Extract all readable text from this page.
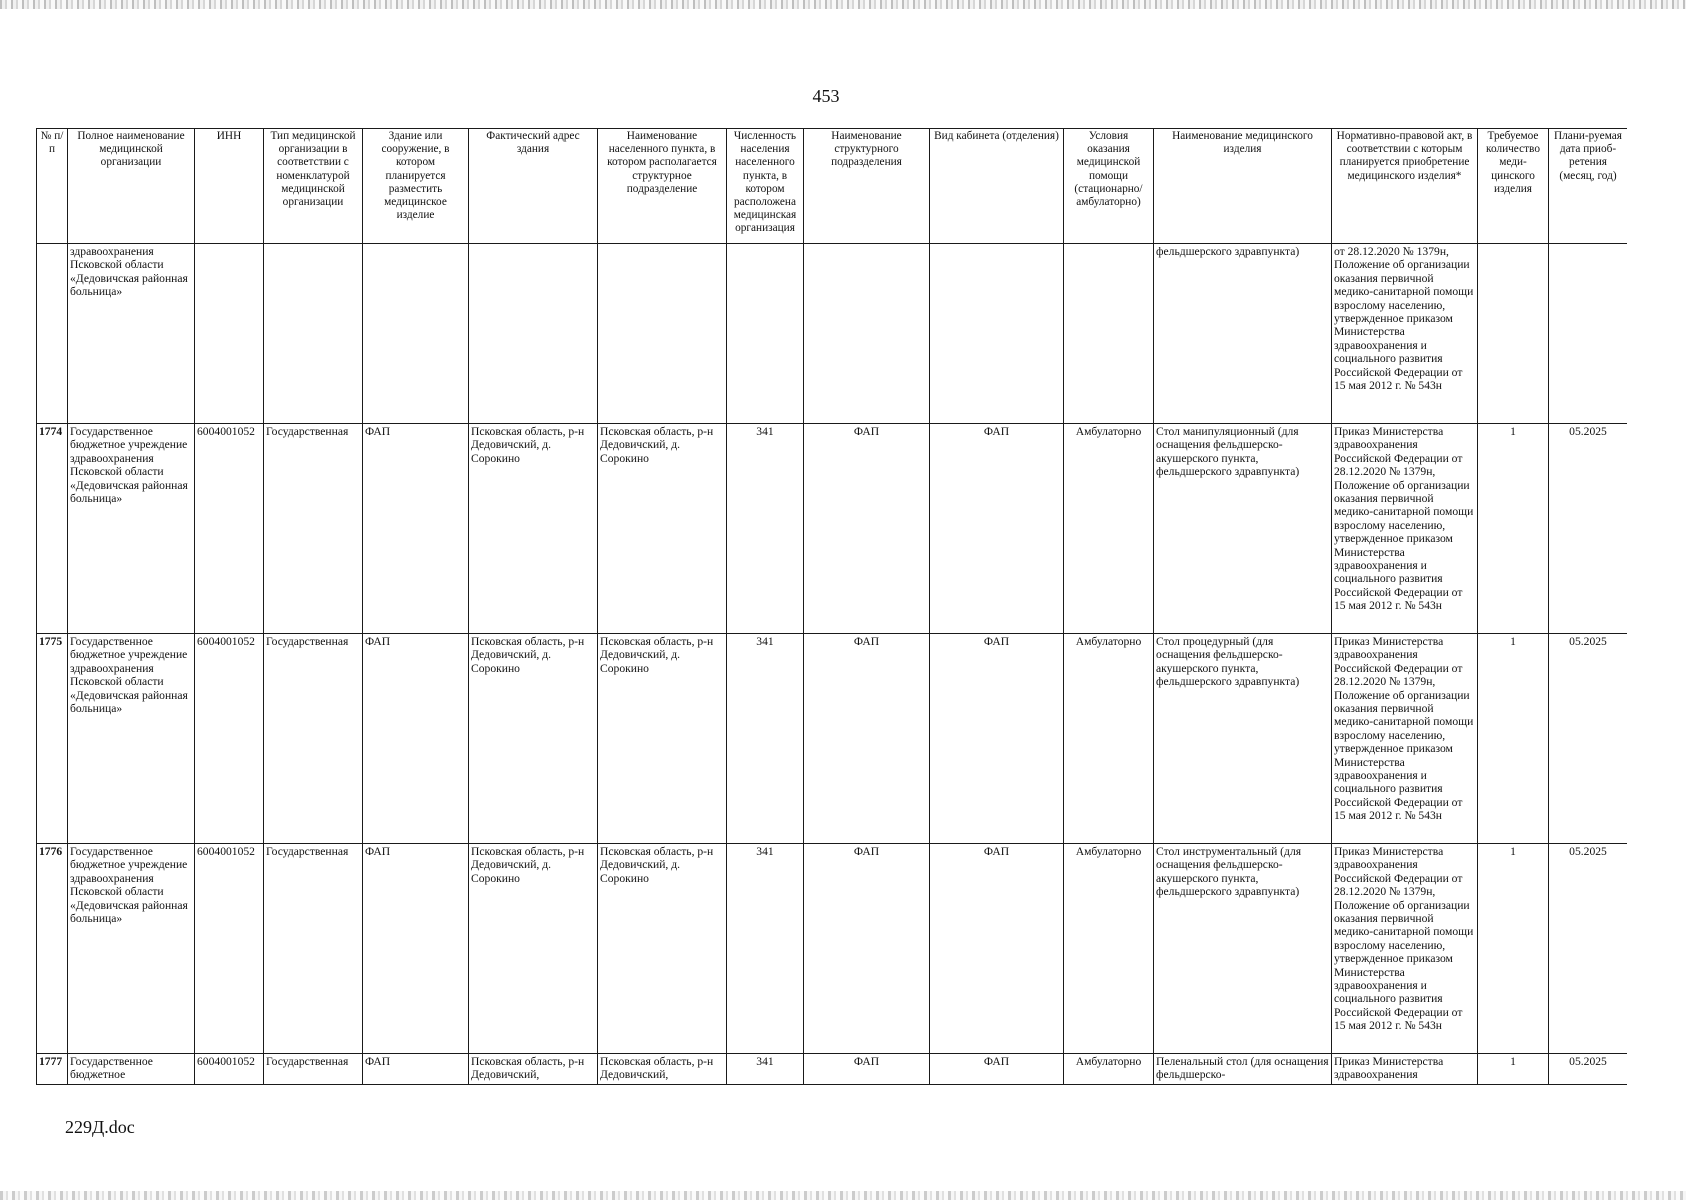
453
№ п/п	Полное наименование медицинской организации	ИНН	Тип медицинской организации в соответствии с номенклатурой медицинской организации	Здание или сооружение, в котором планируется разместить медицинское изделие	Фактический адрес здания	Наименование населенного пункта, в котором располагается структурное подразделение	Численность населения населенного пункта, в котором расположена медицинская организация	Наименование структурного подразделения	Вид кабинета (отделения)	Условия оказания медицинской помощи (стационарно/ амбулаторно)	Наименование медицинского изделия	Нормативно-правовой акт, в соответствии с которым планируется приобретение медицинского изделия*	Требуемое количество меди-цинского изделия	Плани-руемая дата приоб-ретения (месяц, год)
	здравоохранения Псковской области «Дедовичская районная больница»										фельдшерского здравпункта)	от 28.12.2020 № 1379н, Положение об организации оказания первичной медико-санитарной помощи взрослому населению, утвержденное приказом Министерства здравоохранения и социального развития Российской Федерации от 15 мая 2012 г. № 543н		
1774	Государственное бюджетное учреждение здравоохранения Псковской области «Дедовичская районная больница»	6004001052	Государственная	ФАП	Псковская область, р-н Дедовичский, д. Сорокино	Псковская область, р-н Дедовичский, д. Сорокино	341	ФАП	ФАП	Амбулаторно	Стол манипуляционный (для оснащения фельдшерско-акушерского пункта, фельдшерского здравпункта)	Приказ Министерства здравоохранения Российской Федерации от 28.12.2020 № 1379н, Положение об организации оказания первичной медико-санитарной помощи взрослому населению, утвержденное приказом Министерства здравоохранения и социального развития Российской Федерации от 15 мая 2012 г. № 543н	1	05.2025
1775	Государственное бюджетное учреждение здравоохранения Псковской области «Дедовичская районная больница»	6004001052	Государственная	ФАП	Псковская область, р-н Дедовичский, д. Сорокино	Псковская область, р-н Дедовичский, д. Сорокино	341	ФАП	ФАП	Амбулаторно	Стол процедурный (для оснащения фельдшерско-акушерского пункта, фельдшерского здравпункта)	Приказ Министерства здравоохранения Российской Федерации от 28.12.2020 № 1379н, Положение об организации оказания первичной медико-санитарной помощи взрослому населению, утвержденное приказом Министерства здравоохранения и социального развития Российской Федерации от 15 мая 2012 г. № 543н	1	05.2025
1776	Государственное бюджетное учреждение здравоохранения Псковской области «Дедовичская районная больница»	6004001052	Государственная	ФАП	Псковская область, р-н Дедовичский, д. Сорокино	Псковская область, р-н Дедовичский, д. Сорокино	341	ФАП	ФАП	Амбулаторно	Стол инструментальный (для оснащения фельдшерско-акушерского пункта, фельдшерского здравпункта)	Приказ Министерства здравоохранения Российской Федерации от 28.12.2020 № 1379н, Положение об организации оказания первичной медико-санитарной помощи взрослому населению, утвержденное приказом Министерства здравоохранения и социального развития Российской Федерации от 15 мая 2012 г. № 543н	1	05.2025
1777	Государственное бюджетное	6004001052	Государственная	ФАП	Псковская область, р-н Дедовичский,	Псковская область, р-н Дедовичский,	341	ФАП	ФАП	Амбулаторно	Пеленальный стол (для оснащения фельдшерско-	Приказ Министерства здравоохранения	1	05.2025
229Д.doc
